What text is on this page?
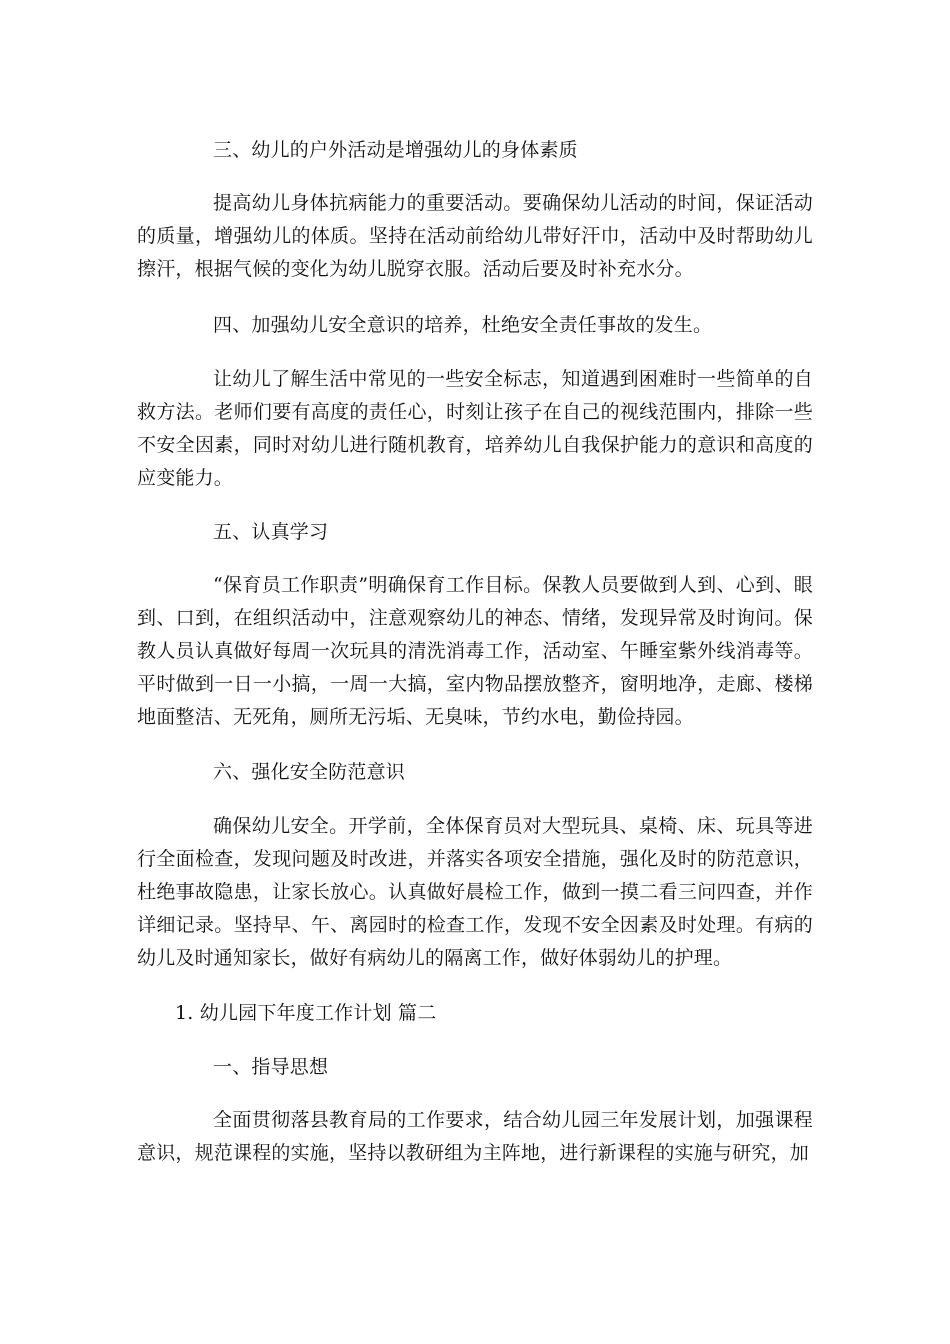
三、幼儿的户外活动是增强幼儿的身体素质
提高幼儿身体抗病能力的重要活动。要确保幼儿活动的时间，保证活动的质量，增强幼儿的体质。坚持在活动前给幼儿带好汗巾，活动中及时帮助幼儿擦汗，根据气候的变化为幼儿脱穿衣服。活动后要及时补充水分。
四、加强幼儿安全意识的培养，杜绝安全责任事故的发生。
让幼儿了解生活中常见的一些安全标志，知道遇到困难时一些简单的自救方法。老师们要有高度的责任心，时刻让孩子在自己的视线范围内，排除一些不安全因素，同时对幼儿进行随机教育，培养幼儿自我保护能力的意识和高度的应变能力。
五、认真学习
“保育员工作职责”明确保育工作目标。保教人员要做到人到、心到、眼到、口到，在组织活动中，注意观察幼儿的神态、情绪，发现异常及时询问。保教人员认真做好每周一次玩具的清洗消毒工作，活动室、午睡室紫外线消毒等。平时做到一日一小搞，一周一大搞，室内物品摆放整齐，窗明地净，走廊、楼梯地面整洁、无死角，厕所无污垢、无臭味，节约水电，勤俭持园。
六、强化安全防范意识
确保幼儿安全。开学前，全体保育员对大型玩具、桌椅、床、玩具等进行全面检查，发现问题及时改进，并落实各项安全措施，强化及时的防范意识，杜绝事故隐患，让家长放心。认真做好晨检工作，做到一摸二看三问四查，并作详细记录。坚持早、午、离园时的检查工作，发现不安全因素及时处理。有病的幼儿及时通知家长，做好有病幼儿的隔离工作，做好体弱幼儿的护理。
1. 幼儿园下年度工作计划 篇二
一、指导思想
全面贯彻落县教育局的工作要求，结合幼儿园三年发展计划，加强课程意识，规范课程的实施，坚持以教研组为主阵地，进行新课程的实施与研究，加
